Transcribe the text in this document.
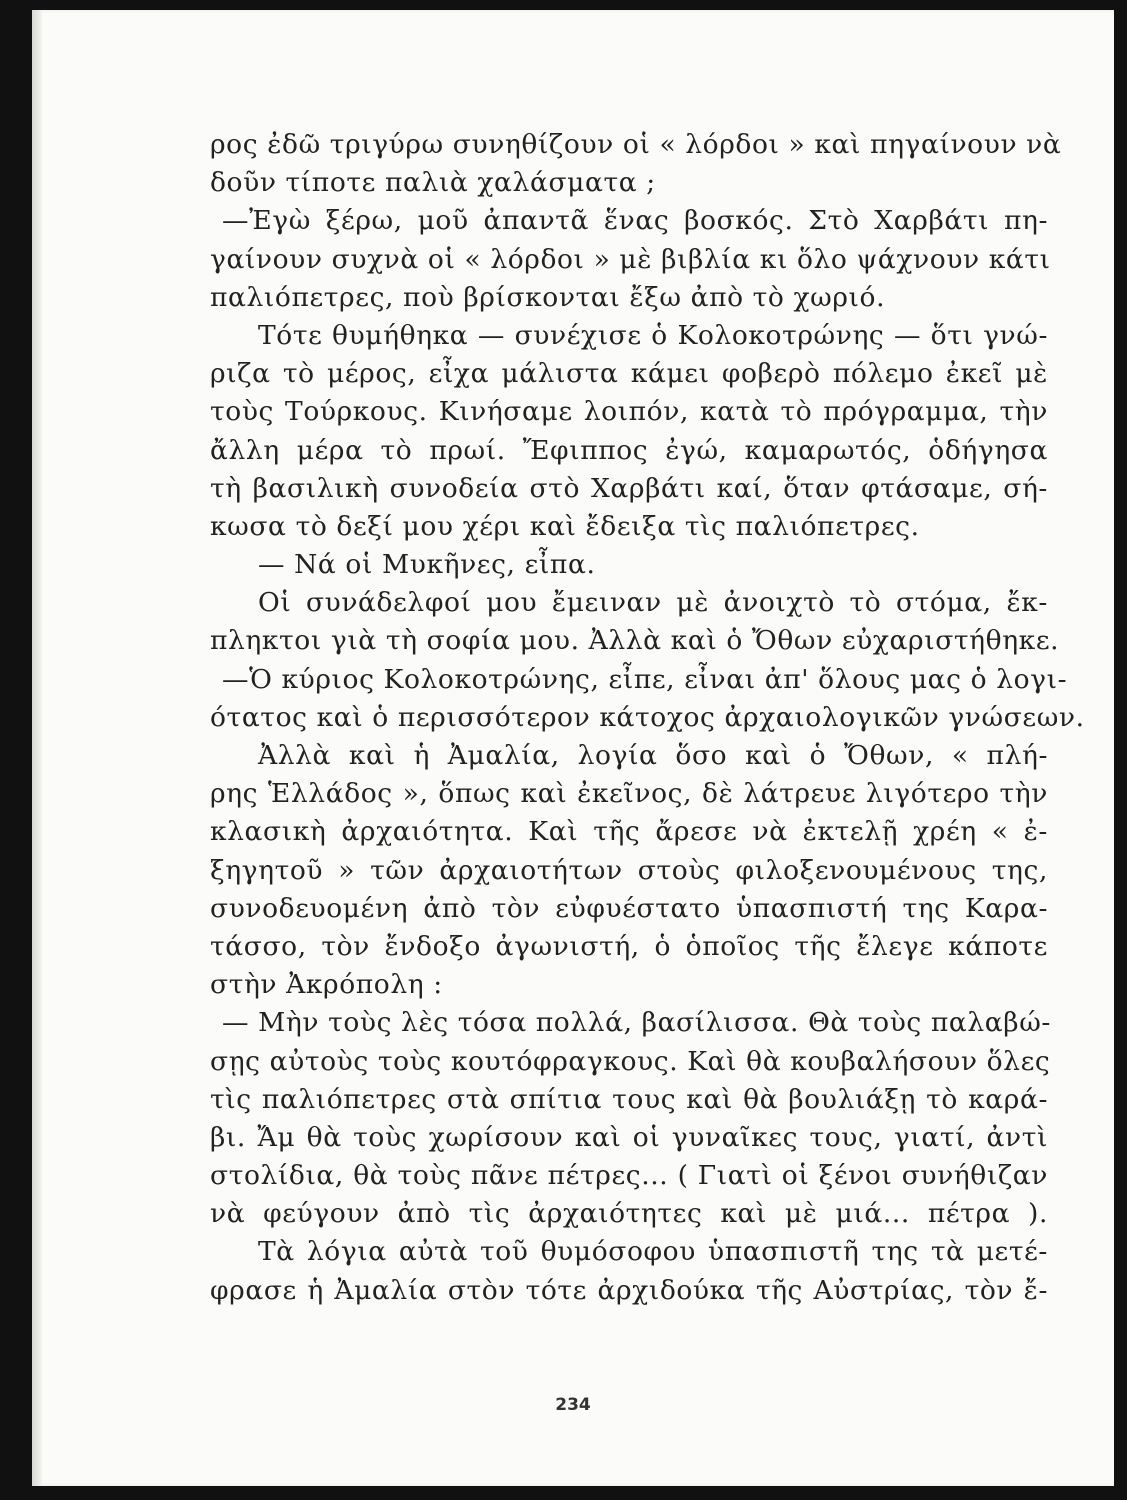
ρος ἐδῶ τριγύρω συνηθίζουν οἱ « λόρδοι » καὶ πηγαίνουν νὰ
δοῦν τίποτε παλιὰ χαλάσματα ;
—Ἐγὼ ξέρω, μοῦ ἀπαντᾶ ἕνας βοσκός. Στὸ Χαρβάτι πη-
γαίνουν συχνὰ οἱ « λόρδοι » μὲ βιβλία κι ὅλο ψάχνουν κάτι
παλιόπετρες, ποὺ βρίσκονται ἔξω ἀπὸ τὸ χωριό.
Τότε θυμήθηκα — συνέχισε ὁ Κολοκοτρώνης — ὅτι γνώ-
ριζα τὸ μέρος, εἶχα μάλιστα κάμει φοβερὸ πόλεμο ἐκεῖ μὲ
τοὺς Τούρκους. Κινήσαμε λοιπόν, κατὰ τὸ πρόγραμμα, τὴν
ἄλλη μέρα τὸ πρωί. Ἔφιππος ἐγώ, καμαρωτός, ὁδήγησα
τὴ βασιλικὴ συνοδεία στὸ Χαρβάτι καί, ὅταν φτάσαμε, σή-
κωσα τὸ δεξί μου χέρι καὶ ἔδειξα τὶς παλιόπετρες.
— Νά οἱ Μυκῆνες, εἶπα.
Οἱ συνάδελφοί μου ἔμειναν μὲ ἀνοιχτὸ τὸ στόμα, ἔκ-
πληκτοι γιὰ τὴ σοφία μου. Ἀλλὰ καὶ ὁ Ὄθων εὐχαριστήθηκε.
—Ὁ κύριος Κολοκοτρώνης, εἶπε, εἶναι ἀπ' ὅλους μας ὁ λογι-
ότατος καὶ ὁ περισσότερον κάτοχος ἀρχαιολογικῶν γνώσεων.
Ἀλλὰ καὶ ἡ Ἀμαλία, λογία ὅσο καὶ ὁ Ὄθων, « πλή-
ρης Ἑλλάδος », ὅπως καὶ ἐκεῖνος, δὲ λάτρευε λιγότερο τὴν
κλασικὴ ἀρχαιότητα. Καὶ τῆς ἄρεσε νὰ ἐκτελῇ χρέη « ἐ-
ξηγητοῦ » τῶν ἀρχαιοτήτων στοὺς φιλοξενουμένους της,
συνοδευομένη ἀπὸ τὸν εὐφυέστατο ὑπασπιστή της Καρα-
τάσσο, τὸν ἔνδοξο ἀγωνιστή, ὁ ὁποῖος τῆς ἔλεγε κάποτε
στὴν Ἀκρόπολη :
— Μὴν τοὺς λὲς τόσα πολλά, βασίλισσα. Θὰ τοὺς παλαβώ-
σῃς αὐτοὺς τοὺς κουτόφραγκους. Καὶ θὰ κουβαλήσουν ὅλες
τὶς παλιόπετρες στὰ σπίτια τους καὶ θὰ βουλιάξῃ τὸ καρά-
βι. Ἄμ θὰ τοὺς χωρίσουν καὶ οἱ γυναῖκες τους, γιατί, ἀντὶ
στολίδια, θὰ τοὺς πᾶνε πέτρες... ( Γιατὶ οἱ ξένοι συνήθιζαν
νὰ φεύγουν ἀπὸ τὶς ἀρχαιότητες καὶ μὲ μιά... πέτρα ).
Τὰ λόγια αὐτὰ τοῦ θυμόσοφου ὑπασπιστῆ της τὰ μετέ-
φρασε ἡ Ἀμαλία στὸν τότε ἀρχιδούκα τῆς Αὐστρίας, τὸν ἔ-
234
